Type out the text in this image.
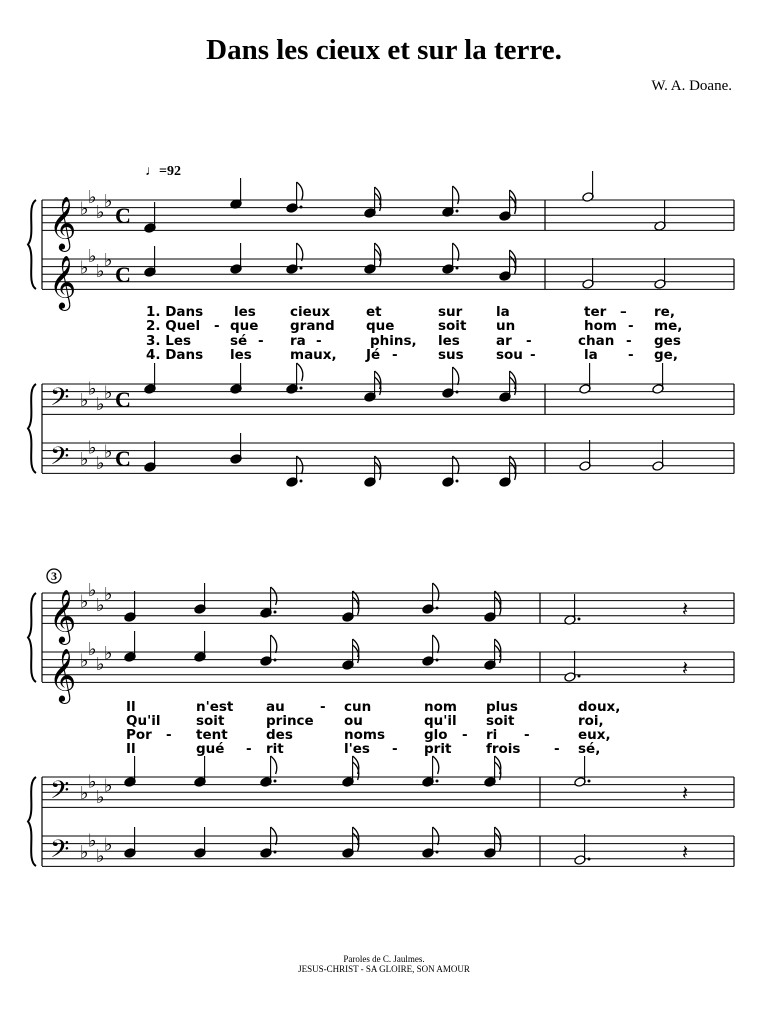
Dans les cieux et sur la terre.
W. A. Doane.
𝄞 ♭
♭
♭
♭
C
𝄞 ♭
♭
♭
♭
C
𝄢 ♭
♭
♭
♭ C
𝄢 ♭
♭
♭
♭ C
𝄞 ♭
♭
♭
♭
𝄞 ♭
♭
♭
♭
𝄢 ♭
♭
♭
♭
𝄢 ♭
♭
♭
♭
♩=92
3
𝄽
𝄽
𝄽
𝄽
1. Dans les	cieux	et	sur la	ter – re,
2. Quel - que grand que	soit un	hom - me,
3. Les	sé - ra -	phins, les	ar -	chan - ges
4. Dans les	maux, Jé -	sus sou -	la - ge,
Il	n'est au	- cun	nom plus	doux,
Qu'il	soit	prince ou	qu'il soit	roi,
Por - tent	des	noms	glo - ri -	eux,
Il	gué - rit	l'es - prit	frois - sé,
Paroles de C. Jaulmes.
JESUS-CHRIST - SA GLOIRE, SON AMOUR
